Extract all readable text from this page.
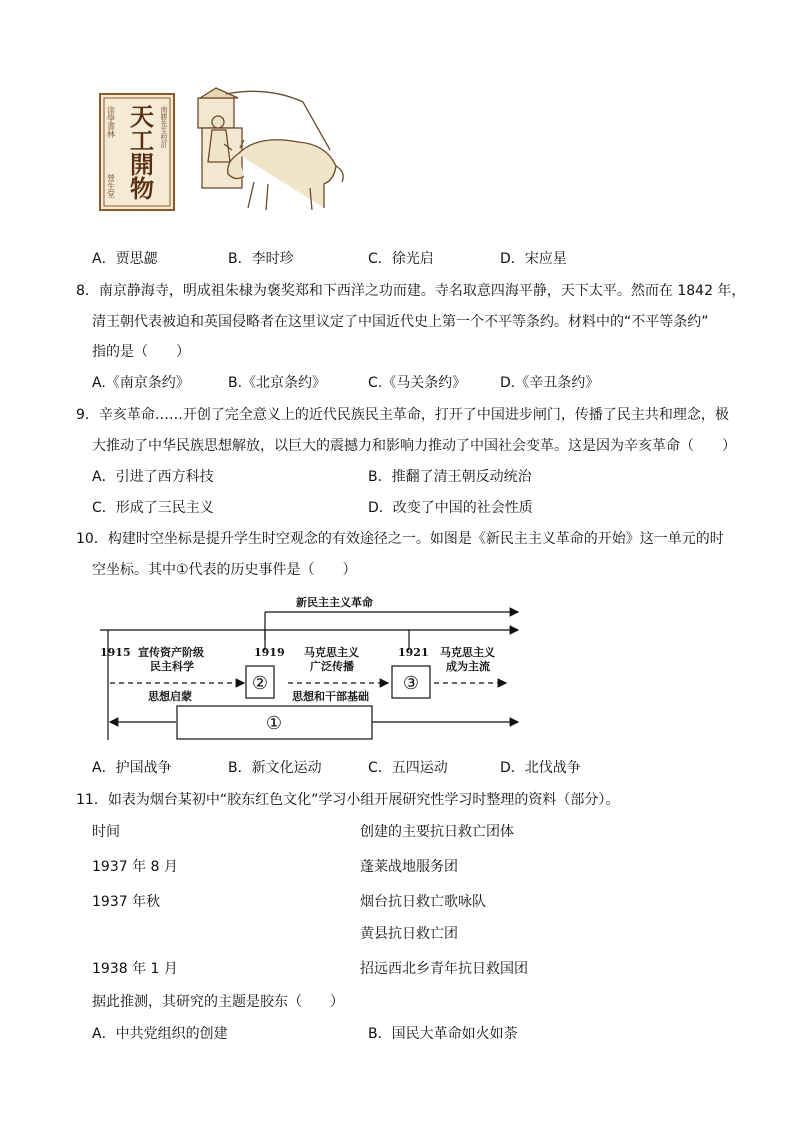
涂學書林
營生堂 天工開物 南勝先生校訂
A．贾思勰	B．李时珍	C．徐光启	D．宋应星
8．南京静海寺，明成祖朱棣为褒奖郑和下西洋之功而建。寺名取意四海平静，天下太平。然而在 1842 年，
清王朝代表被迫和英国侵略者在这里议定了中国近代史上第一个不平等条约。材料中的“不平等条约”
指的是（　　）
A.《南京条约》	B.《北京条约》	C.《马关条约》 D.《辛丑条约》
9．辛亥革命……开创了完全意义上的近代民族民主革命，打开了中国进步闸门，传播了民主共和理念，极
大推动了中华民族思想解放，以巨大的震撼力和影响力推动了中国社会变革。这是因为辛亥革命（　　）
A．引进了西方科技	B．推翻了清王朝反动统治
C．形成了三民主义	D．改变了中国的社会性质
10．构建时空坐标是提升学生时空观念的有效途径之一。如图是《新民主主义革命的开始》这一单元的时
空坐标。其中①代表的历史事件是（　　）
新民主主义革命
1915	1919	1921
宣传资产阶级
民主科学
马克思主义
广泛传播
马克思主义
成为主流
思想启蒙	思想和干部基础
①
②	③
A．护国战争	B．新文化运动	C．五四运动	D．北伐战争
11．如表为烟台某初中“胶东红色文化”学习小组开展研究性学习时整理的资料（部分）。
时间	创建的主要抗日救亡团体
1937 年 8 月	蓬莱战地服务团
1937 年秋	烟台抗日救亡歌咏队
黄县抗日救亡团
1938 年 1 月	招远西北乡青年抗日救国团
据此推测，其研究的主题是胶东（　　）
A．中共党组织的创建	B．国民大革命如火如荼
